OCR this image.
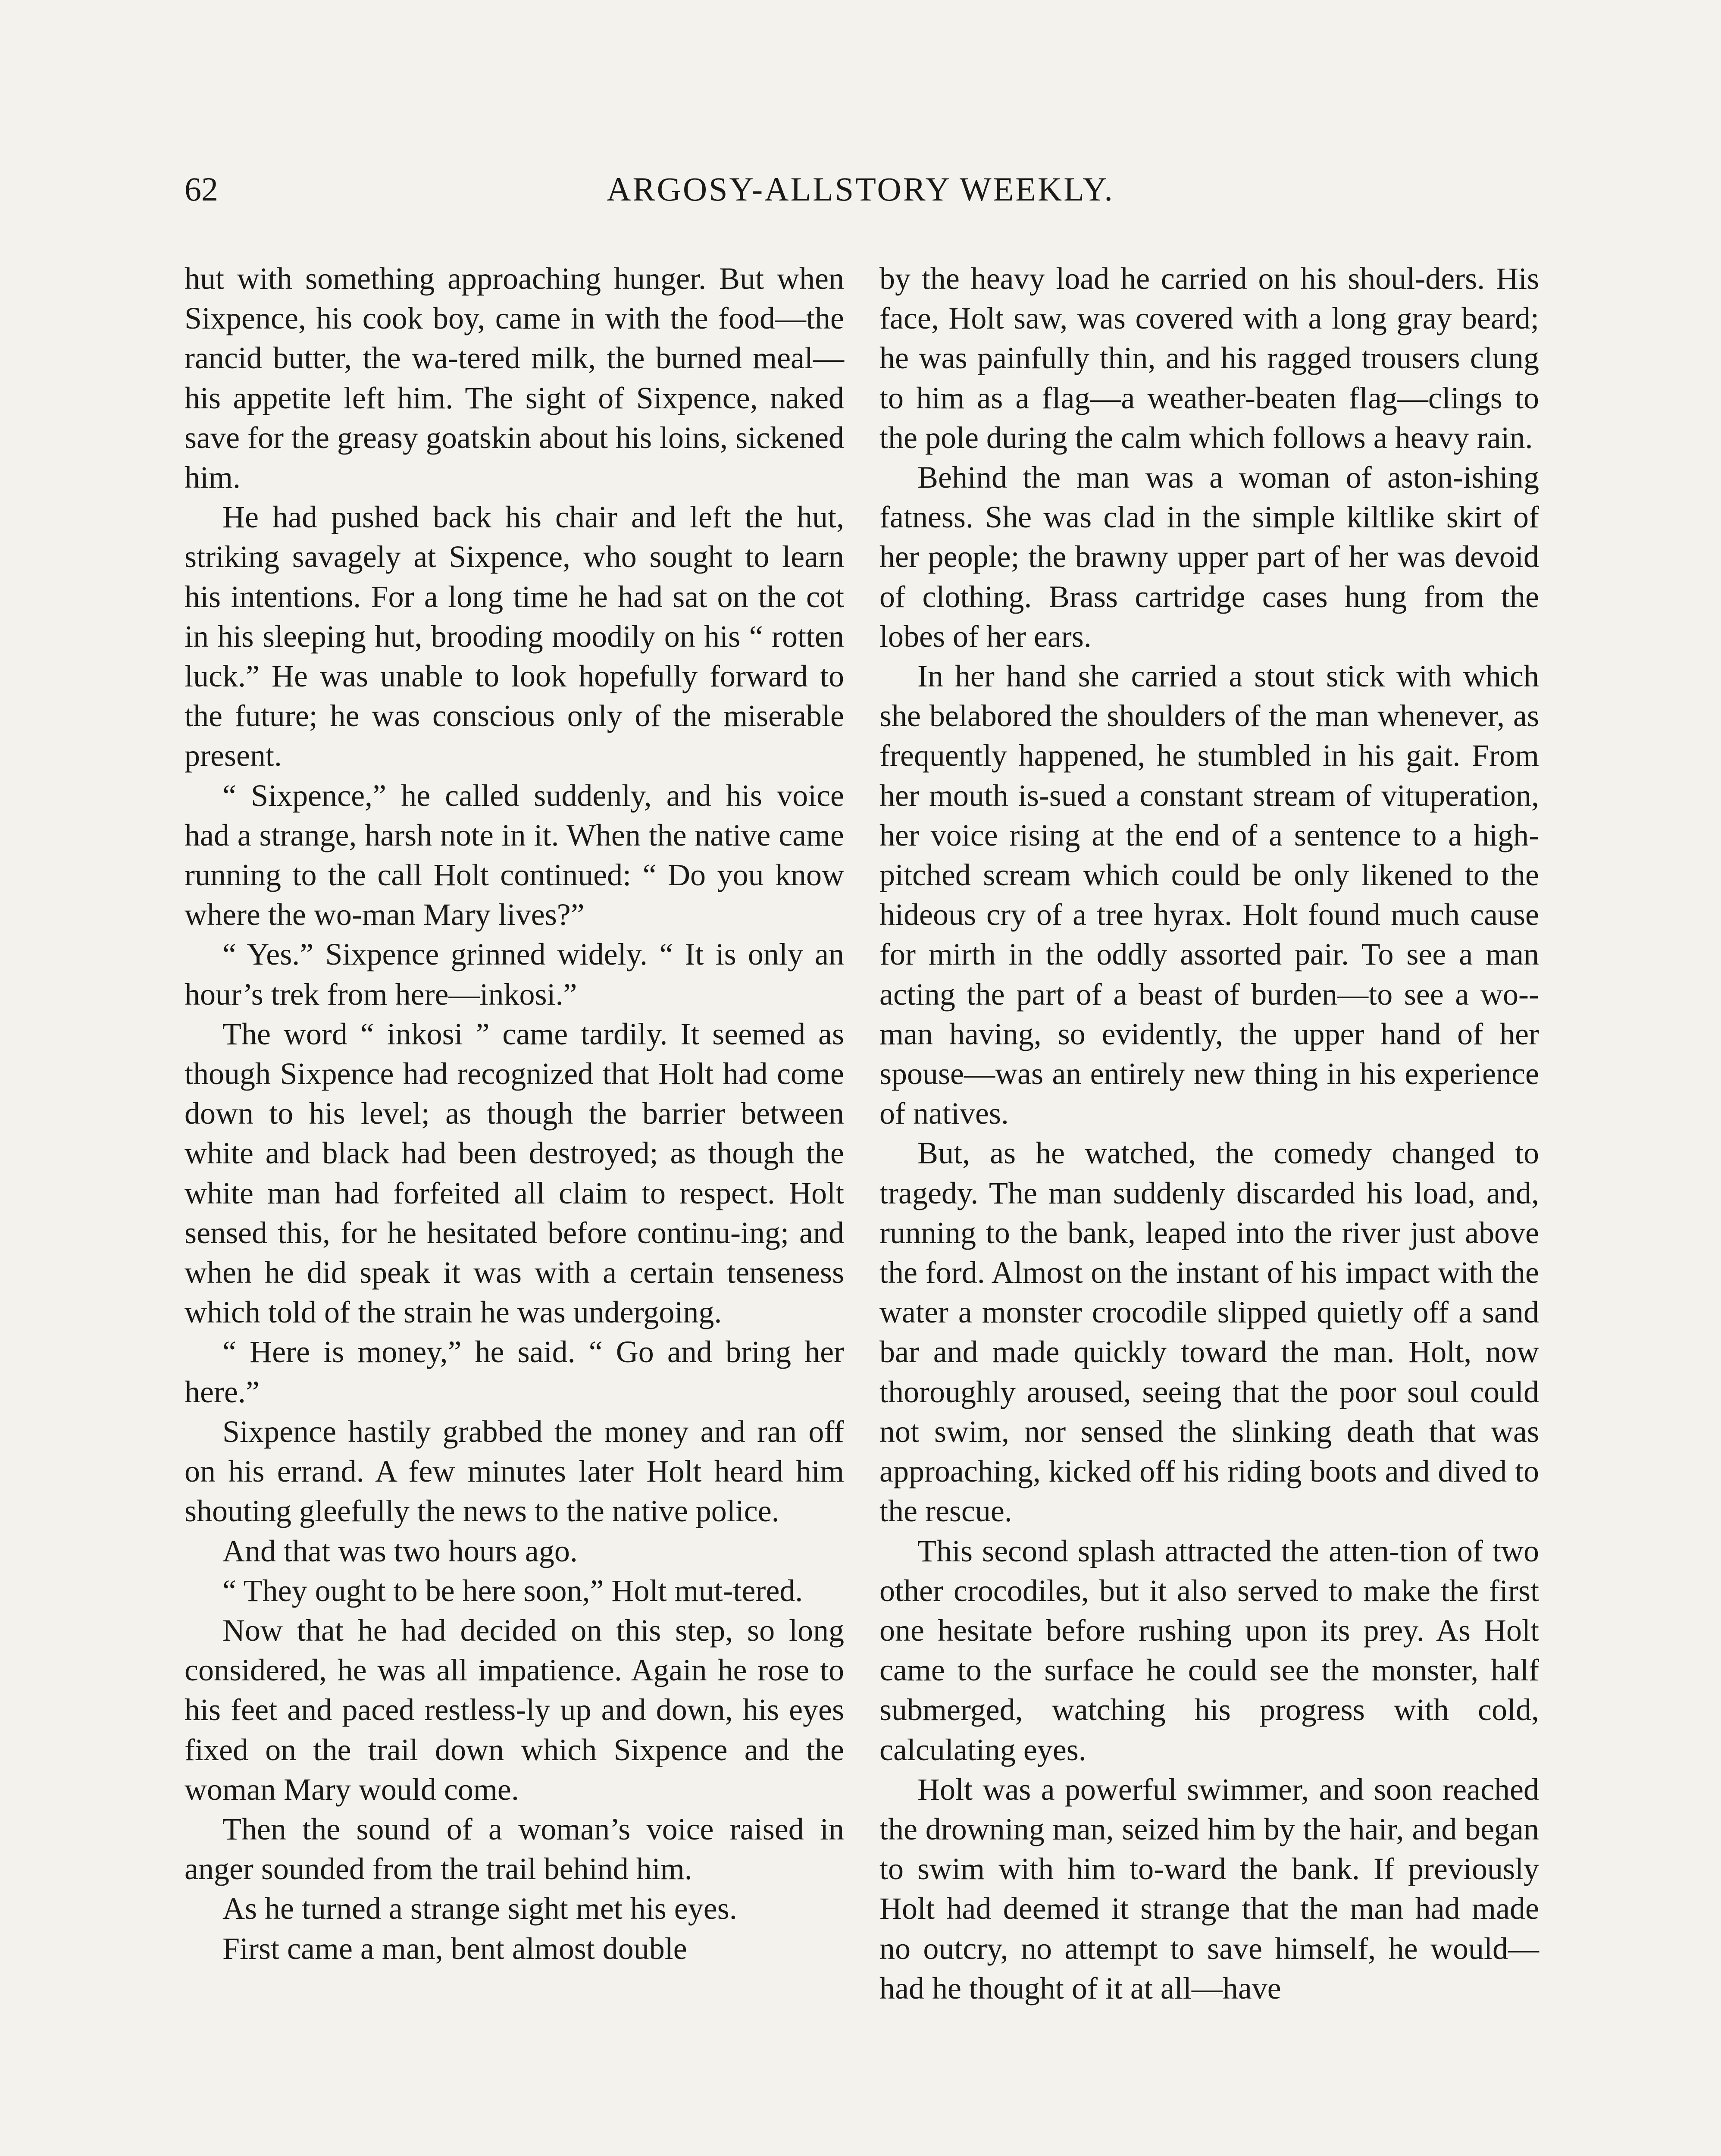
62	ARGOSY-ALLSTORY WEEKLY.

hut with something approaching hunger. But when Sixpence, his cook boy, came in with the food—the rancid butter, the wa-tered milk, the burned meal—his appetite left him. The sight of Sixpence, naked save for the greasy goatskin about his loins, sickened him.

He had pushed back his chair and left the hut, striking savagely at Sixpence, who sought to learn his intentions. For a long time he had sat on the cot in his sleeping hut, brooding moodily on his “ rotten luck.” He was unable to look hopefully forward to the future; he was conscious only of the miserable present.

“ Sixpence,” he called suddenly, and his voice had a strange, harsh note in it. When the native came running to the call Holt continued: “ Do you know where the wo-man Mary lives?”

“ Yes.” Sixpence grinned widely. “ It is only an hour’s trek from here—inkosi.”

The word “ inkosi ” came tardily. It seemed as though Sixpence had recognized that Holt had come down to his level; as though the barrier between white and black had been destroyed; as though the white man had forfeited all claim to respect. Holt sensed this, for he hesitated before continu-ing; and when he did speak it was with a certain tenseness which told of the strain he was undergoing.

“ Here is money,” he said. “ Go and bring her here.”

Sixpence hastily grabbed the money and ran off on his errand. A few minutes later Holt heard him shouting gleefully the news to the native police.

And that was two hours ago.

“ They ought to be here soon,” Holt mut-tered.

Now that he had decided on this step, so long considered, he was all impatience. Again he rose to his feet and paced restless-ly up and down, his eyes fixed on the trail down which Sixpence and the woman Mary would come.

Then the sound of a woman’s voice raised in anger sounded from the trail behind him.

As he turned a strange sight met his eyes.

First came a man, bent almost double

by the heavy load he carried on his shoul-ders. His face, Holt saw, was covered with a long gray beard; he was painfully thin, and his ragged trousers clung to him as a flag—a weather-beaten flag—clings to the pole during the calm which follows a heavy rain.

Behind the man was a woman of aston-ishing fatness. She was clad in the simple kiltlike skirt of her people; the brawny upper part of her was devoid of clothing. Brass cartridge cases hung from the lobes of her ears.

In her hand she carried a stout stick with which she belabored the shoulders of the man whenever, as frequently happened, he stumbled in his gait. From her mouth is-sued a constant stream of vituperation, her voice rising at the end of a sentence to a high-pitched scream which could be only likened to the hideous cry of a tree hyrax. Holt found much cause for mirth in the oddly assorted pair. To see a man acting the part of a beast of burden—to see a wo-man having, so evidently, the upper hand of her spouse—was an entirely new thing in his experience of natives.

But, as he watched, the comedy changed to tragedy. The man suddenly discarded his load, and, running to the bank, leaped into the river just above the ford. Almost on the instant of his impact with the water a monster crocodile slipped quietly off a sand bar and made quickly toward the man. Holt, now thoroughly aroused, seeing that the poor soul could not swim, nor sensed the slinking death that was approaching, kicked off his riding boots and dived to the rescue.

This second splash attracted the atten-tion of two other crocodiles, but it also served to make the first one hesitate before rushing upon its prey. As Holt came to the surface he could see the monster, half submerged, watching his progress with cold, calculating eyes.

Holt was a powerful swimmer, and soon reached the drowning man, seized him by the hair, and began to swim with him to-ward the bank. If previously Holt had deemed it strange that the man had made no outcry, no attempt to save himself, he would—had he thought of it at all—have
